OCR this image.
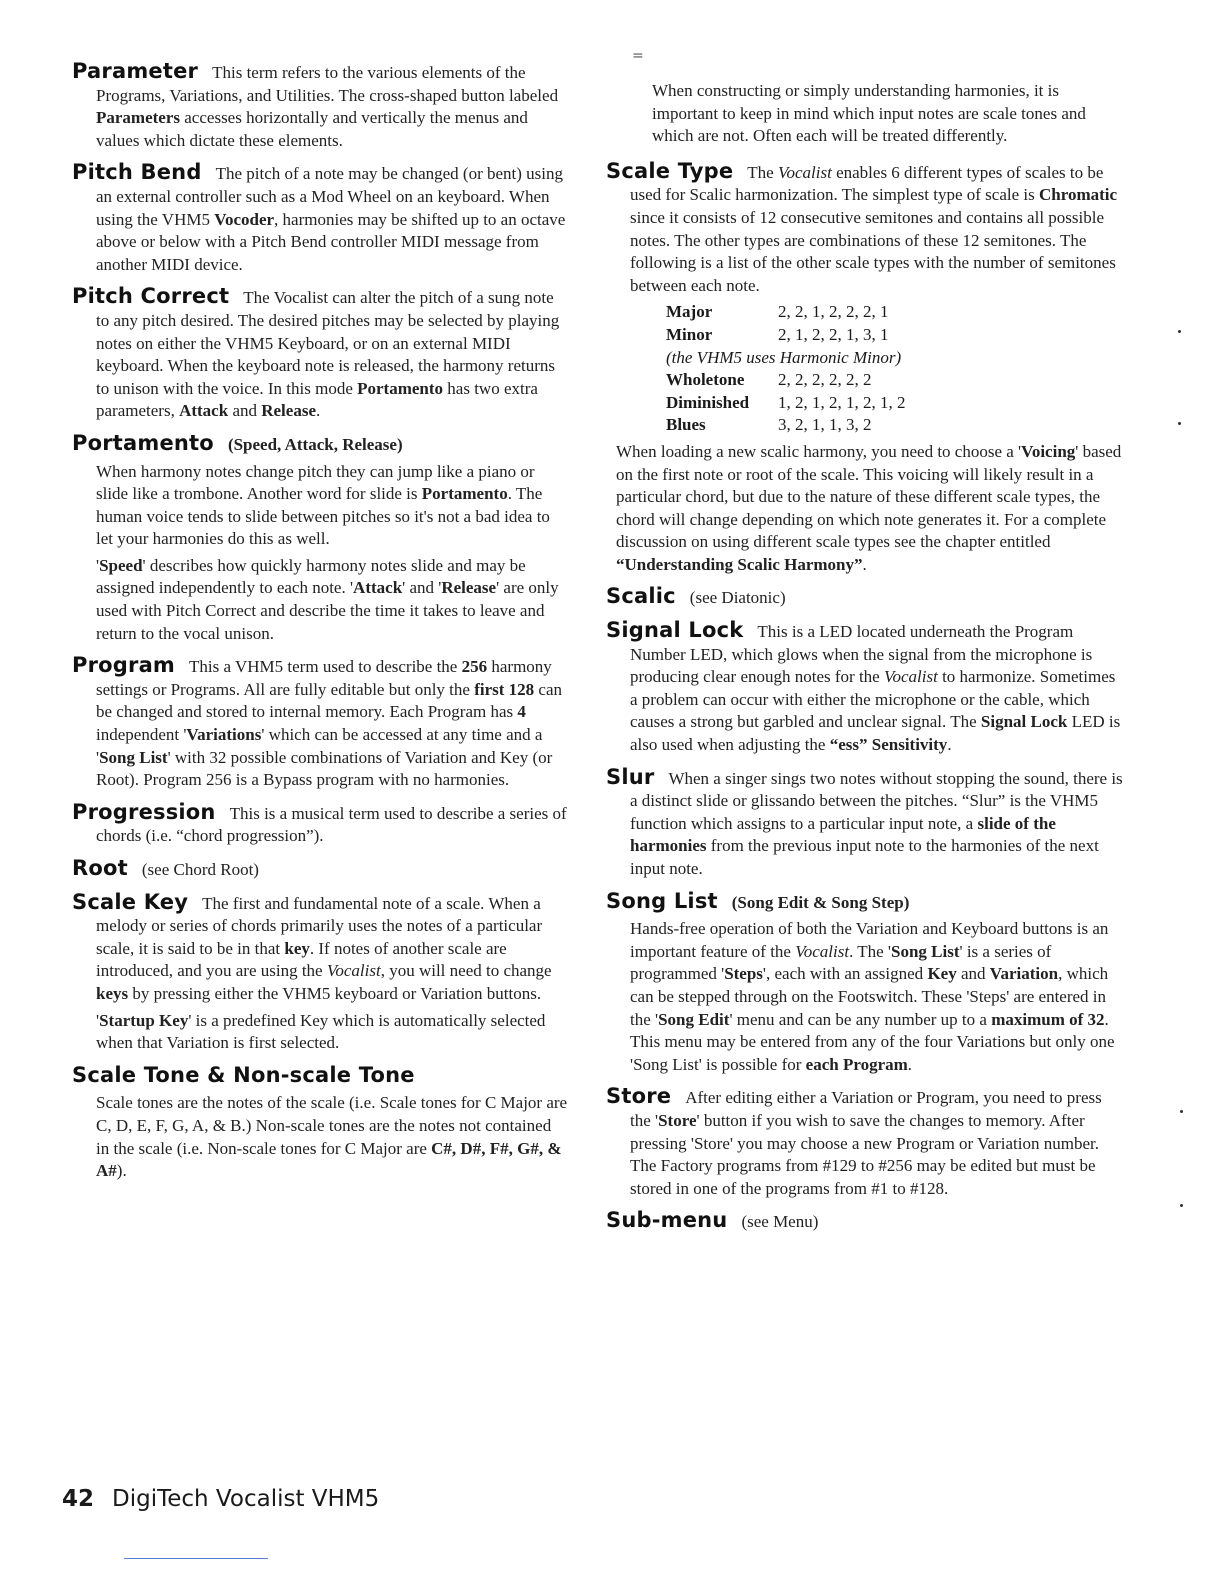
Parameter This term refers to the various elements of the Programs, Variations, and Utilities. The cross-shaped button labeled Parameters accesses horizontally and vertically the menus and values which dictate these elements.
Pitch Bend The pitch of a note may be changed (or bent) using an external controller such as a Mod Wheel on an keyboard. When using the VHM5 Vocoder, harmonies may be shifted up to an octave above or below with a Pitch Bend controller MIDI message from another MIDI device.
Pitch Correct The Vocalist can alter the pitch of a sung note to any pitch desired. The desired pitches may be selected by playing notes on either the VHM5 Keyboard, or on an external MIDI keyboard. When the keyboard note is released, the harmony returns to unison with the voice. In this mode Portamento has two extra parameters, Attack and Release.
Portamento (Speed, Attack, Release)

When harmony notes change pitch they can jump like a piano or slide like a trombone. Another word for slide is Portamento. The human voice tends to slide between pitches so it's not a bad idea to let your harmonies do this as well.

'Speed' describes how quickly harmony notes slide and may be assigned independently to each note. 'Attack' and 'Release' are only used with Pitch Correct and describe the time it takes to leave and return to the vocal unison.

Program This a VHM5 term used to describe the 256 harmony settings or Programs. All are fully editable but only the first 128 can be changed and stored to internal memory. Each Program has 4 independent 'Variations' which can be accessed at any time and a 'Song List' with 32 possible combinations of Variation and Key (or Root). Program 256 is a Bypass program with no harmonies.
Progression This is a musical term used to describe a series of chords (i.e. “chord progression”).
Root (see Chord Root)
Scale Key The first and fundamental note of a scale. When a melody or series of chords primarily uses the notes of a particular scale, it is said to be in that key. If notes of another scale are introduced, and you are using the Vocalist, you will need to change keys by pressing either the VHM5 keyboard or Variation buttons.

'Startup Key' is a predefined Key which is automatically selected when that Variation is first selected.

Scale Tone & Non-scale Tone

Scale tones are the notes of the scale (i.e. Scale tones for C Major are C, D, E, F, G, A, & B.) Non-scale tones are the notes not contained in the scale (i.e. Non-scale tones for C Major are C#, D#, F#, G#, & A#).

When constructing or simply understanding harmonies, it is important to keep in mind which input notes are scale tones and which are not. Often each will be treated differently.

Scale Type The Vocalist enables 6 different types of scales to be used for Scalic harmonization. The simplest type of scale is Chromatic since it consists of 12 consecutive semitones and contains all possible notes. The other types are combinations of these 12 semitones. The following is a list of the other scale types with the number of semitones between each note.
Major	2, 2, 1, 2, 2, 2, 1
Minor	2, 1, 2, 2, 1, 3, 1
(the VHM5 uses Harmonic Minor)	
Wholetone	2, 2, 2, 2, 2, 2
Diminished	1, 2, 1, 2, 1, 2, 1, 2
Blues	3, 2, 1, 1, 3, 2

When loading a new scalic harmony, you need to choose a 'Voicing' based on the first note or root of the scale. This voicing will likely result in a particular chord, but due to the nature of these different scale types, the chord will change depending on which note generates it. For a complete discussion on using different scale types see the chapter entitled “Understanding Scalic Harmony”.

Scalic (see Diatonic)
Signal Lock This is a LED located underneath the Program Number LED, which glows when the signal from the microphone is producing clear enough notes for the Vocalist to harmonize. Sometimes a problem can occur with either the microphone or the cable, which causes a strong but garbled and unclear signal. The Signal Lock LED is also used when adjusting the “ess” Sensitivity.
Slur When a singer sings two notes without stopping the sound, there is a distinct slide or glissando between the pitches. “Slur” is the VHM5 function which assigns to a particular input note, a slide of the harmonies from the previous input note to the harmonies of the next input note.
Song List (Song Edit & Song Step)

Hands-free operation of both the Variation and Keyboard buttons is an important feature of the Vocalist. The 'Song List' is a series of programmed 'Steps', each with an assigned Key and Variation, which can be stepped through on the Footswitch. These 'Steps' are entered in the 'Song Edit' menu and can be any number up to a maximum of 32. This menu may be entered from any of the four Variations but only one 'Song List' is possible for each Program.

Store After editing either a Variation or Program, you need to press the 'Store' button if you wish to save the changes to memory. After pressing 'Store' you may choose a new Program or Variation number. The Factory programs from #129 to #256 may be edited but must be stored in one of the programs from #1 to #128.
Sub-menu (see Menu)
=
42 DigiTech Vocalist VHM5
